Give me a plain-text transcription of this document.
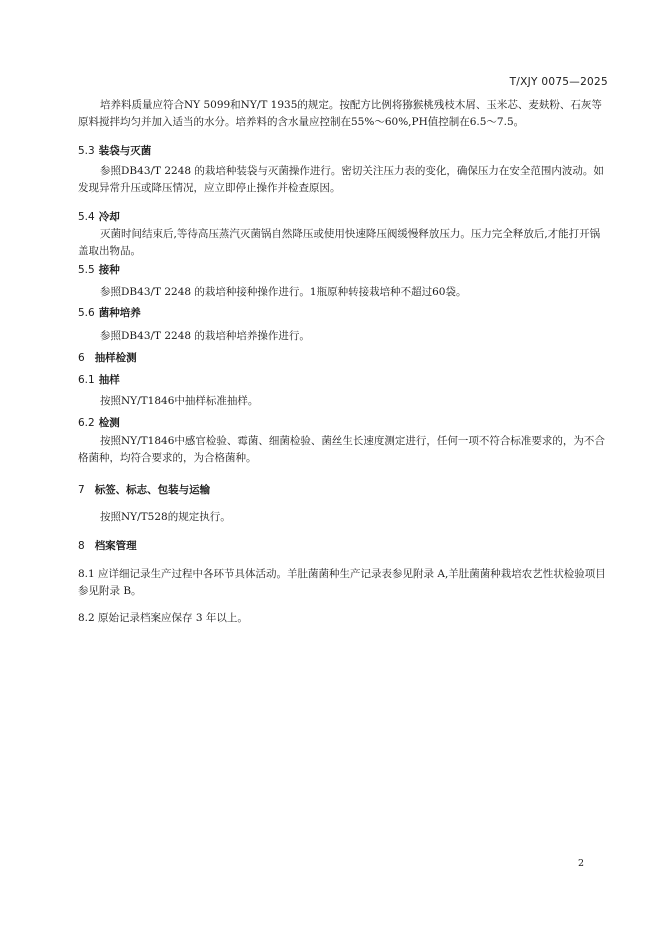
T/XJY 0075—2025

培养料质量应符合NY 5099和NY/T 1935的规定。按配方比例将猕猴桃残枝木屑、玉米芯、麦麸粉、石灰等原料搅拌均匀并加入适当的水分。培养料的含水量应控制在55%～60%,PH值控制在6.5～7.5。

5.3 装袋与灭菌

参照DB43/T 2248 的栽培种装袋与灭菌操作进行。密切关注压力表的变化，确保压力在安全范围内波动。如发现异常升压或降压情况，应立即停止操作并检查原因。

5.4 冷却

灭菌时间结束后,等待高压蒸汽灭菌锅自然降压或使用快速降压阀缓慢释放压力。压力完全释放后,才能打开锅盖取出物品。

5.5 接种

参照DB43/T 2248 的栽培种接种操作进行。1瓶原种转接栽培种不超过60袋。

5.6 菌种培养

参照DB43/T 2248 的栽培种培养操作进行。

6 抽样检测
6.1 抽样

按照NY/T1846中抽样标准抽样。

6.2 检测

按照NY/T1846中感官检验、霉菌、细菌检验、菌丝生长速度测定进行，任何一项不符合标准要求的，为不合格菌种，均符合要求的，为合格菌种。

7 标签、标志、包装与运输

按照NY/T528的规定执行。

8 档案管理

8.1 应详细记录生产过程中各环节具体活动。羊肚菌菌种生产记录表参见附录 A,羊肚菌菌种栽培农艺性状检验项目参见附录 B。

8.2 原始记录档案应保存 3 年以上。

2
